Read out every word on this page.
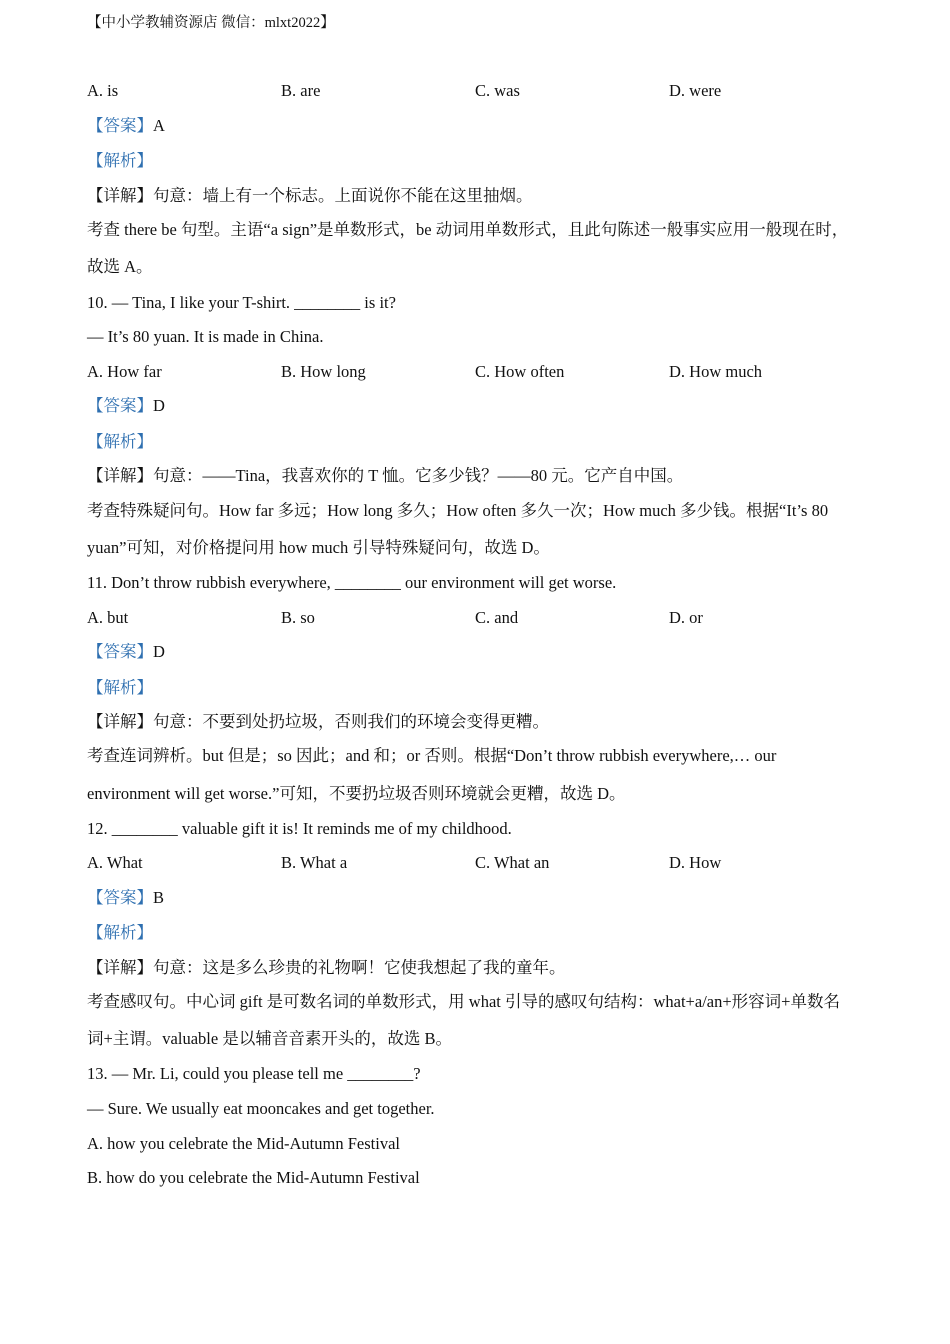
【中小学教辅资源店 微信：mlxt2022】
A. is	B. are	C. was	D. were
【答案】A
【解析】
【详解】句意：墙上有一个标志。上面说你不能在这里抽烟。
考查 there be 句型。主语“a sign”是单数形式，be 动词用单数形式，且此句陈述一般事实应用一般现在时，
故选 A。
10. — Tina, I like your T-shirt. ________ is it?
— It’s 80 yuan. It is made in China.
A. How far	B. How long	C. How often	D. How much
【答案】D
【解析】
【详解】句意：——Tina，我喜欢你的 T 恤。它多少钱？——80 元。它产自中国。
考查特殊疑问句。How far 多远；How long 多久；How often 多久一次；How much 多少钱。根据“It’s 80
yuan”可知，对价格提问用 how much 引导特殊疑问句，故选 D。
11. Don’t throw rubbish everywhere, ________ our environment will get worse.
A. but	B. so	C. and	D. or
【答案】D
【解析】
【详解】句意：不要到处扔垃圾，否则我们的环境会变得更糟。
考查连词辨析。but 但是；so 因此；and 和；or 否则。根据“Don’t throw rubbish everywhere,… our
environment will get worse.”可知，不要扔垃圾否则环境就会更糟，故选 D。
12. ________ valuable gift it is! It reminds me of my childhood.
A. What	B. What a	C. What an	D. How
【答案】B
【解析】
【详解】句意：这是多么珍贵的礼物啊！它使我想起了我的童年。
考查感叹句。中心词 gift 是可数名词的单数形式，用 what 引导的感叹句结构：what+a/an+形容词+单数名
词+主谓。valuable 是以辅音音素开头的，故选 B。
13. — Mr. Li, could you please tell me ________?
— Sure. We usually eat mooncakes and get together.
A. how you celebrate the Mid-Autumn Festival
B. how do you celebrate the Mid-Autumn Festival
